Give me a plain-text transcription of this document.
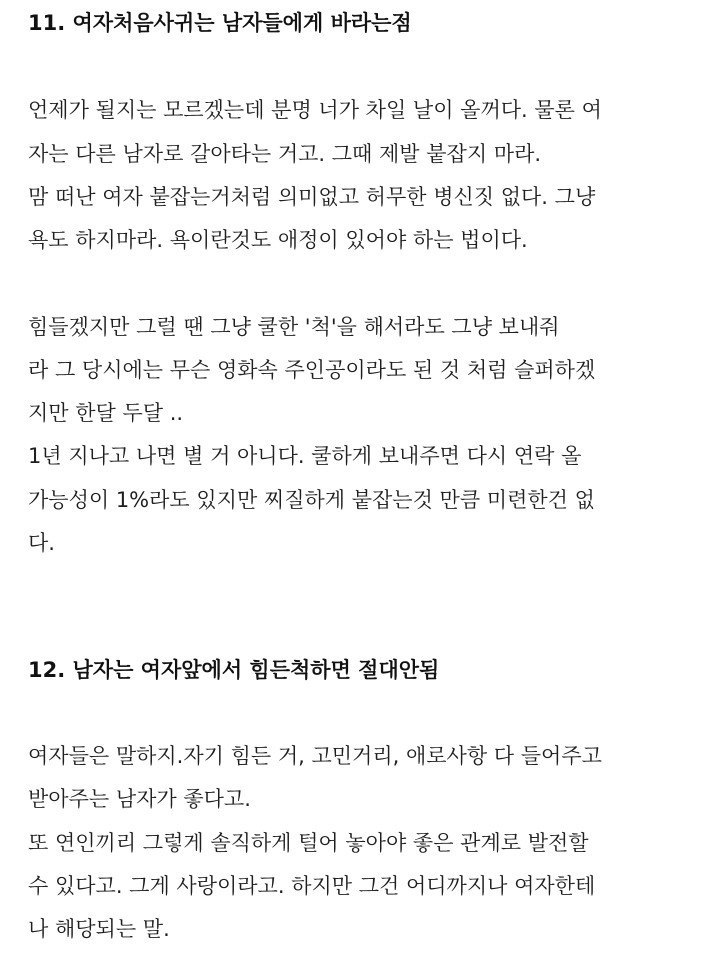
11. 여자처음사귀는 남자들에게 바라는점

언제가 될지는 모르겠는데 분명 너가 차일 날이 올꺼다. 물론 여

자는 다른 남자로 갈아타는 거고. 그때 제발 붙잡지 마라.

맘 떠난 여자 붙잡는거처럼 의미없고 허무한 병신짓 없다. 그냥

욕도 하지마라. 욕이란것도 애정이 있어야 하는 법이다.

힘들겠지만 그럴 땐 그냥 쿨한 '척'을 해서라도 그냥 보내줘

라 그 당시에는 무슨 영화속 주인공이라도 된 것 처럼 슬퍼하겠

지만 한달 두달 ..

1년 지나고 나면 별 거 아니다. 쿨하게 보내주면 다시 연락 올

가능성이 1%라도 있지만 찌질하게 붙잡는것 만큼 미련한건 없

다.

12. 남자는 여자앞에서 힘든척하면 절대안됨

여자들은 말하지.자기 힘든 거, 고민거리, 애로사항 다 들어주고

받아주는 남자가 좋다고.

또 연인끼리 그렇게 솔직하게 털어 놓아야 좋은 관계로 발전할

수 있다고. 그게 사랑이라고. 하지만 그건 어디까지나 여자한테

나 해당되는 말.
